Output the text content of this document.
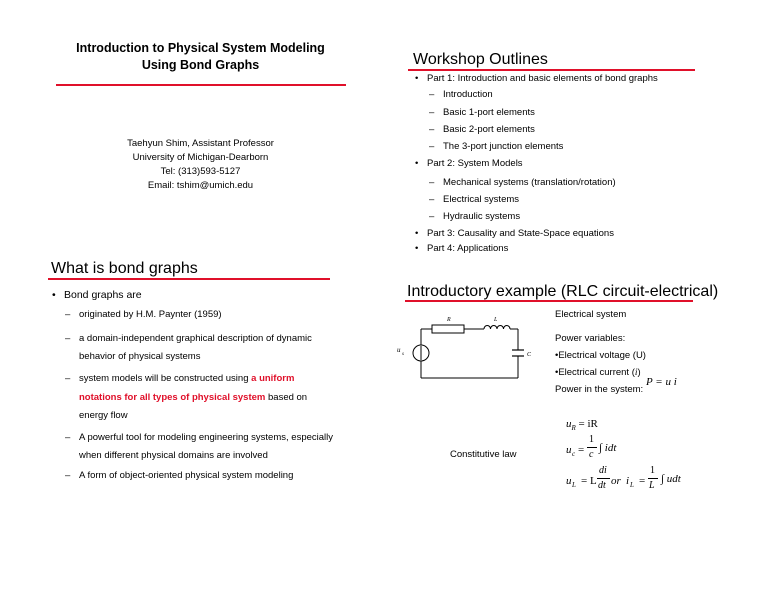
Introduction to Physical System Modeling
Using Bond Graphs
Taehyun Shim, Assistant Professor
University of Michigan-Dearborn
Tel: (313)593-5127
Email: tshim@umich.edu
Workshop Outlines
• Part 1: Introduction and basic elements of bond graphs
– Introduction
– Basic 1-port elements
– Basic 2-port elements
– The 3-port junction elements
• Part 2: System Models
– Mechanical systems (translation/rotation)
– Electrical systems
– Hydraulic systems
• Part 3: Causality and State-Space equations
• Part 4: Applications
What is bond graphs
• Bond graphs are
– originated by H.M. Paynter (1959)
– a domain-independent graphical description of dynamic
behavior of physical systems
– system models will be constructed using a uniform
notations for all types of physical system based on
energy flow
– A powerful tool for modeling engineering systems, especially
when different physical domains are involved
– A form of object-oriented physical system modeling
Introductory example (RLC circuit-electrical)
R	L
C
u
s
Electrical system
Power variables:
•Electrical voltage (U)
•Electrical current (i)
Power in the system:
P = u i
Constitutive law
$u_R$ = iR
u c =
1
c
∫ idt
u L = L
di
dt or i L =
1
L
∫ udt
